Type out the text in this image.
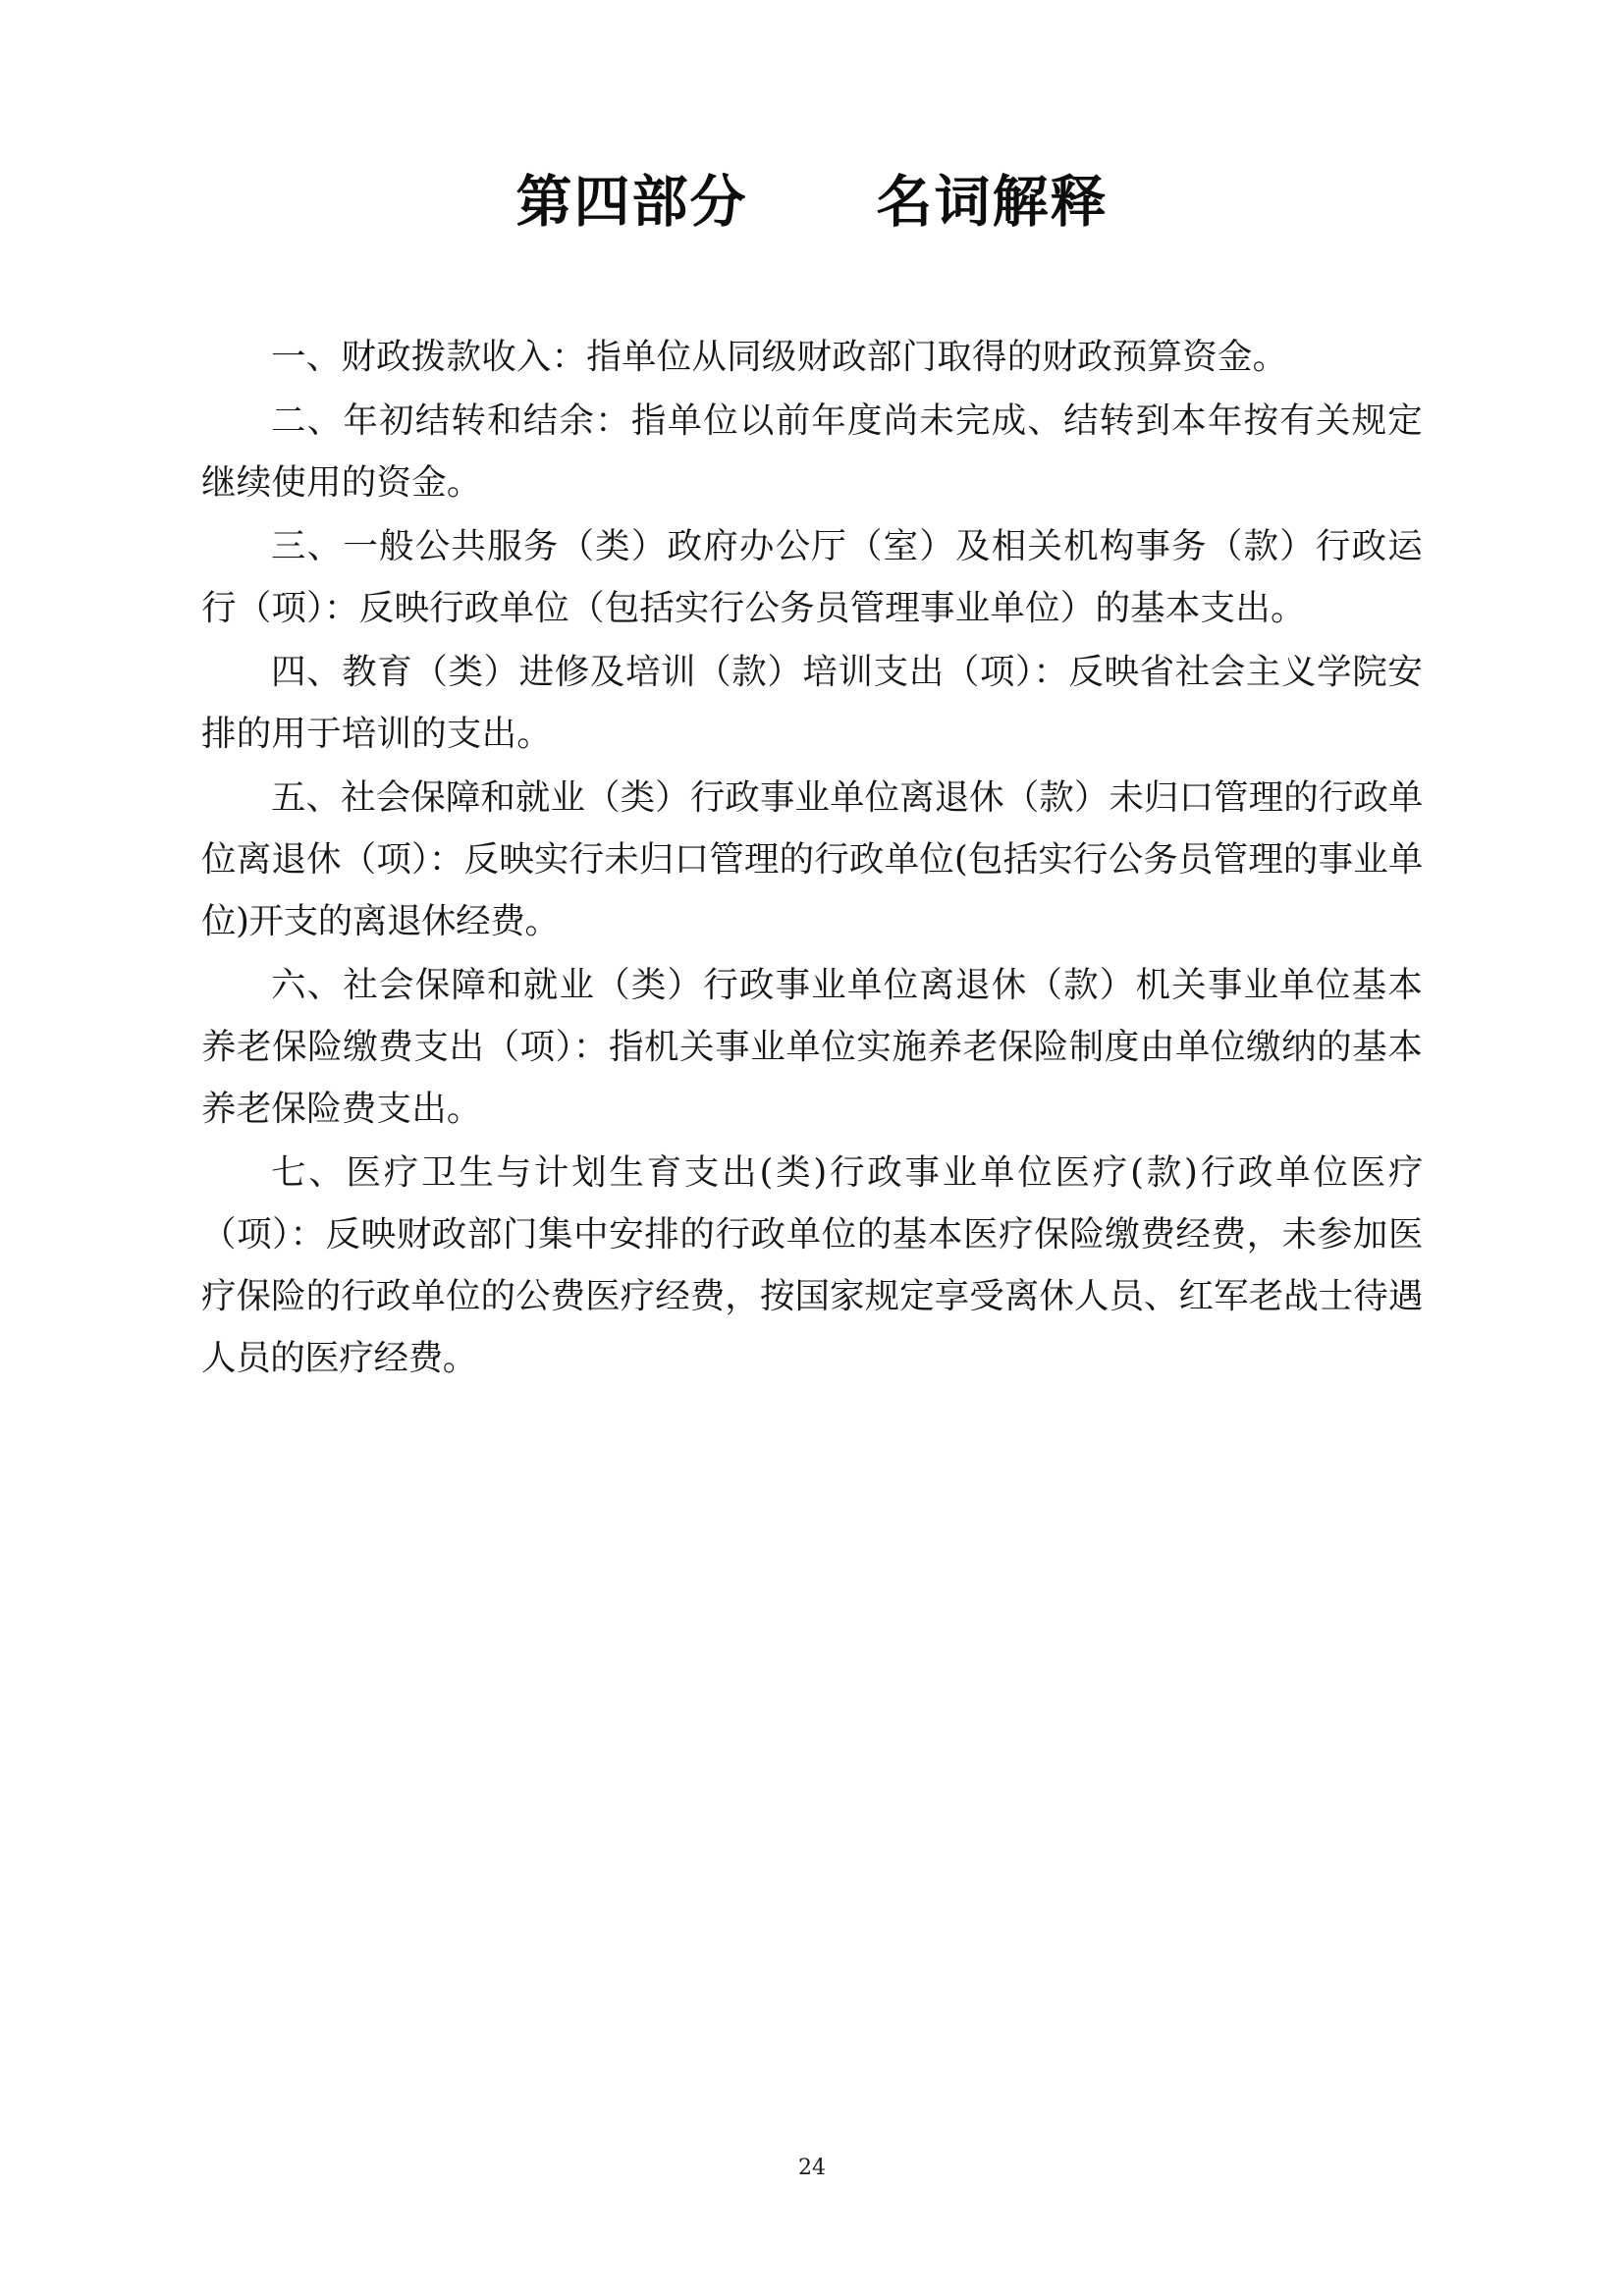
第四部分      名词解释

一、财政拨款收入：指单位从同级财政部门取得的财政预算资金。

二、年初结转和结余：指单位以前年度尚未完成、结转到本年按有关规定继续使用的资金。

三、一般公共服务（类）政府办公厅（室）及相关机构事务（款）行政运行（项）：反映行政单位（包括实行公务员管理事业单位）的基本支出。

四、教育（类）进修及培训（款）培训支出（项）：反映省社会主义学院安排的用于培训的支出。

五、社会保障和就业（类）行政事业单位离退休（款）未归口管理的行政单位离退休（项）：反映实行未归口管理的行政单位(包括实行公务员管理的事业单位)开支的离退休经费。

六、社会保障和就业（类）行政事业单位离退休（款）机关事业单位基本养老保险缴费支出（项）：指机关事业单位实施养老保险制度由单位缴纳的基本养老保险费支出。

七、医疗卫生与计划生育支出(类)行政事业单位医疗(款)行政单位医疗（项）：反映财政部门集中安排的行政单位的基本医疗保险缴费经费，未参加医疗保险的行政单位的公费医疗经费，按国家规定享受离休人员、红军老战士待遇人员的医疗经费。

24
